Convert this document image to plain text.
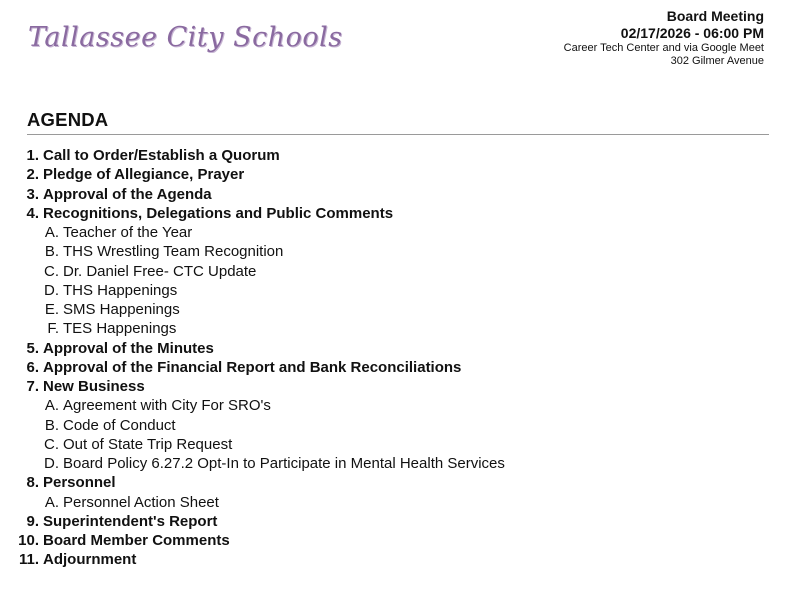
Tallassee City Schools
Board Meeting
02/17/2026 - 06:00 PM
Career Tech Center and via Google Meet
302 Gilmer Avenue
AGENDA
1. Call to Order/Establish a Quorum
2. Pledge of Allegiance, Prayer
3. Approval of the Agenda
4. Recognitions, Delegations and Public Comments
A. Teacher of the Year
B. THS Wrestling Team Recognition
C. Dr. Daniel Free- CTC Update
D. THS Happenings
E. SMS Happenings
F. TES Happenings
5. Approval of the Minutes
6. Approval of the Financial Report and Bank Reconciliations
7. New Business
A. Agreement with City For SRO's
B. Code of Conduct
C. Out of State Trip Request
D. Board Policy 6.27.2 Opt-In to Participate in Mental Health Services
8. Personnel
A. Personnel Action Sheet
9. Superintendent's Report
10. Board Member Comments
11. Adjournment
